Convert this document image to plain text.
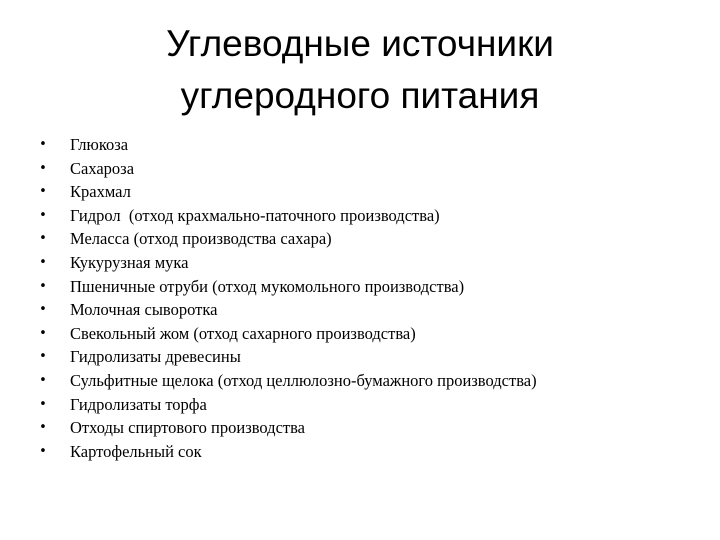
Углеводные источники
углеродного питания
• Глюкоза
• Сахароза
• Крахмал
• Гидрол  (отход крахмально-паточного производства)
• Меласса (отход производства сахара)
• Кукурузная мука
• Пшеничные отруби (отход мукомольного производства)
• Молочная сыворотка
• Свекольный жом (отход сахарного производства)
• Гидролизаты древесины
• Сульфитные щелока (отход целлюлозно-бумажного производства)
• Гидролизаты торфа
• Отходы спиртового производства
• Картофельный сок
